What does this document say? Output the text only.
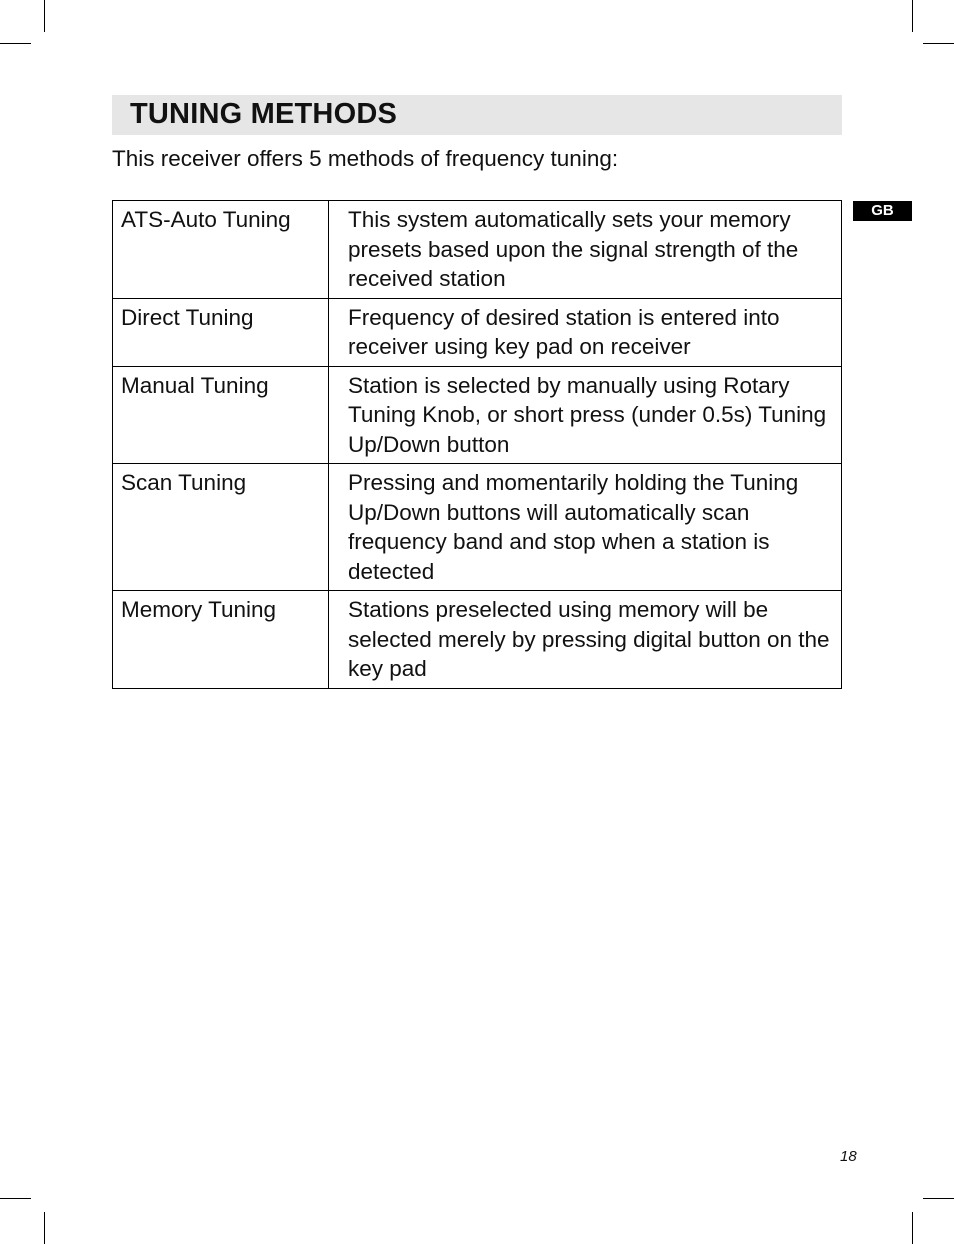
TUNING METHODS
This receiver offers 5 methods of frequency tuning:
GB
ATS-Auto Tuning	This system automatically sets your memory presets based upon the signal strength of the received station
Direct Tuning	Frequency of desired station is entered into receiver using key pad on receiver
Manual Tuning	Station is selected by manually using Rotary Tuning Knob, or short press (under 0.5s) Tuning Up/Down button
Scan Tuning	Pressing and momentarily holding the Tuning Up/Down buttons will automatically scan frequency band and stop when a station is detected
Memory Tuning	Stations preselected using memory will be selected merely by pressing digital button on the key pad
18
